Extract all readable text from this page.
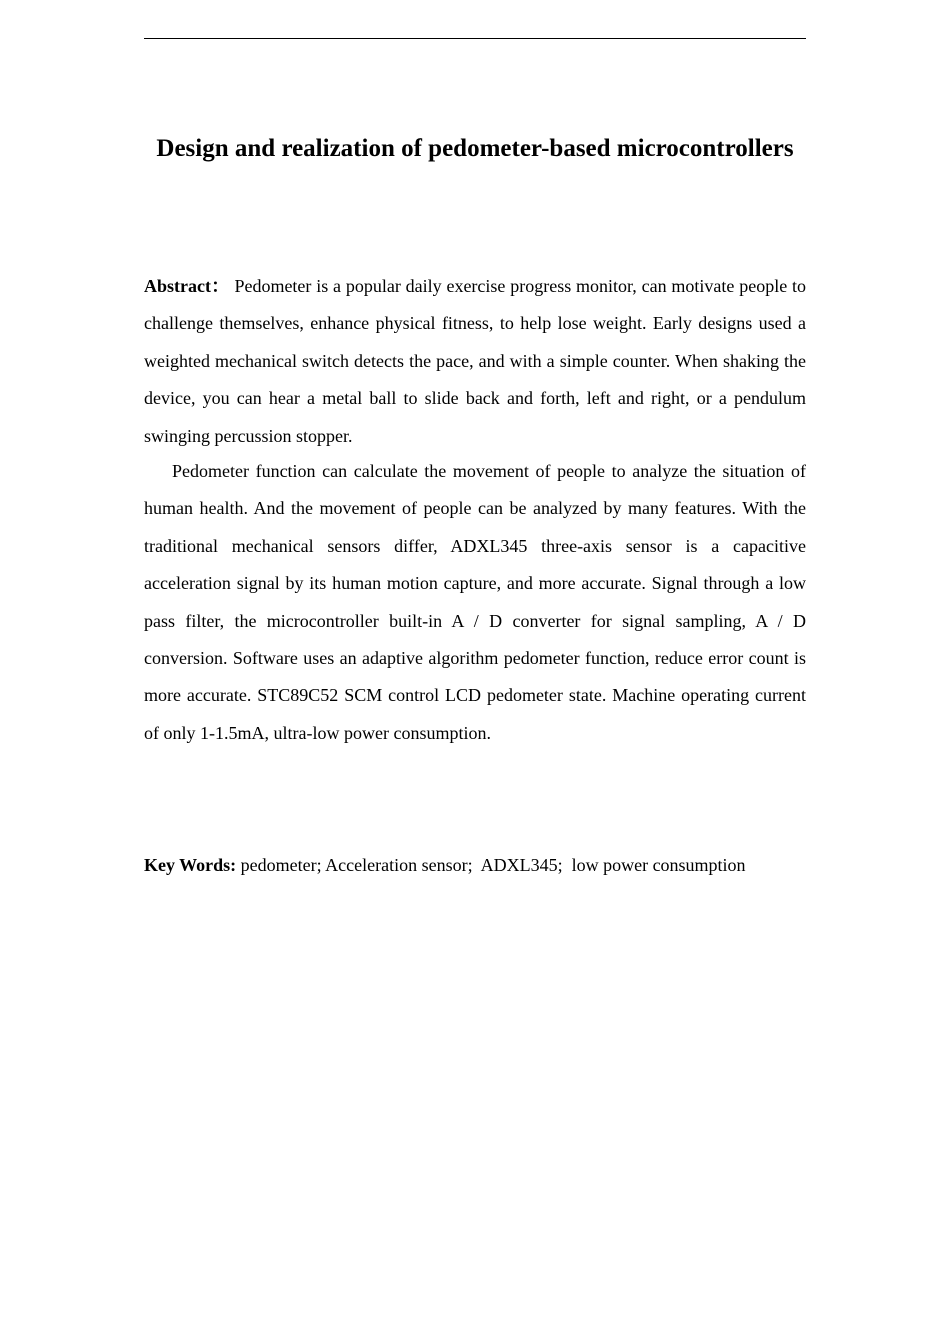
Design and realization of pedometer-based microcontrollers

Abstract： Pedometer is a popular daily exercise progress monitor, can motivate people to challenge themselves, enhance physical fitness, to help lose weight. Early designs used a weighted mechanical switch detects the pace, and with a simple counter. When shaking the device, you can hear a metal ball to slide back and forth, left and right, or a pendulum swinging percussion stopper.

Pedometer function can calculate the movement of people to analyze the situation of human health. And the movement of people can be analyzed by many features. With the traditional mechanical sensors differ, ADXL345 three-axis sensor is a capacitive acceleration signal by its human motion capture, and more accurate. Signal through a low pass filter, the microcontroller built-in A / D converter for signal sampling, A / D conversion. Software uses an adaptive algorithm pedometer function, reduce error count is more accurate. STC89C52 SCM control LCD pedometer state. Machine operating current of only 1-1.5mA, ultra-low power consumption.

Key Words: pedometer; Acceleration sensor;  ADXL345;  low power consumption
